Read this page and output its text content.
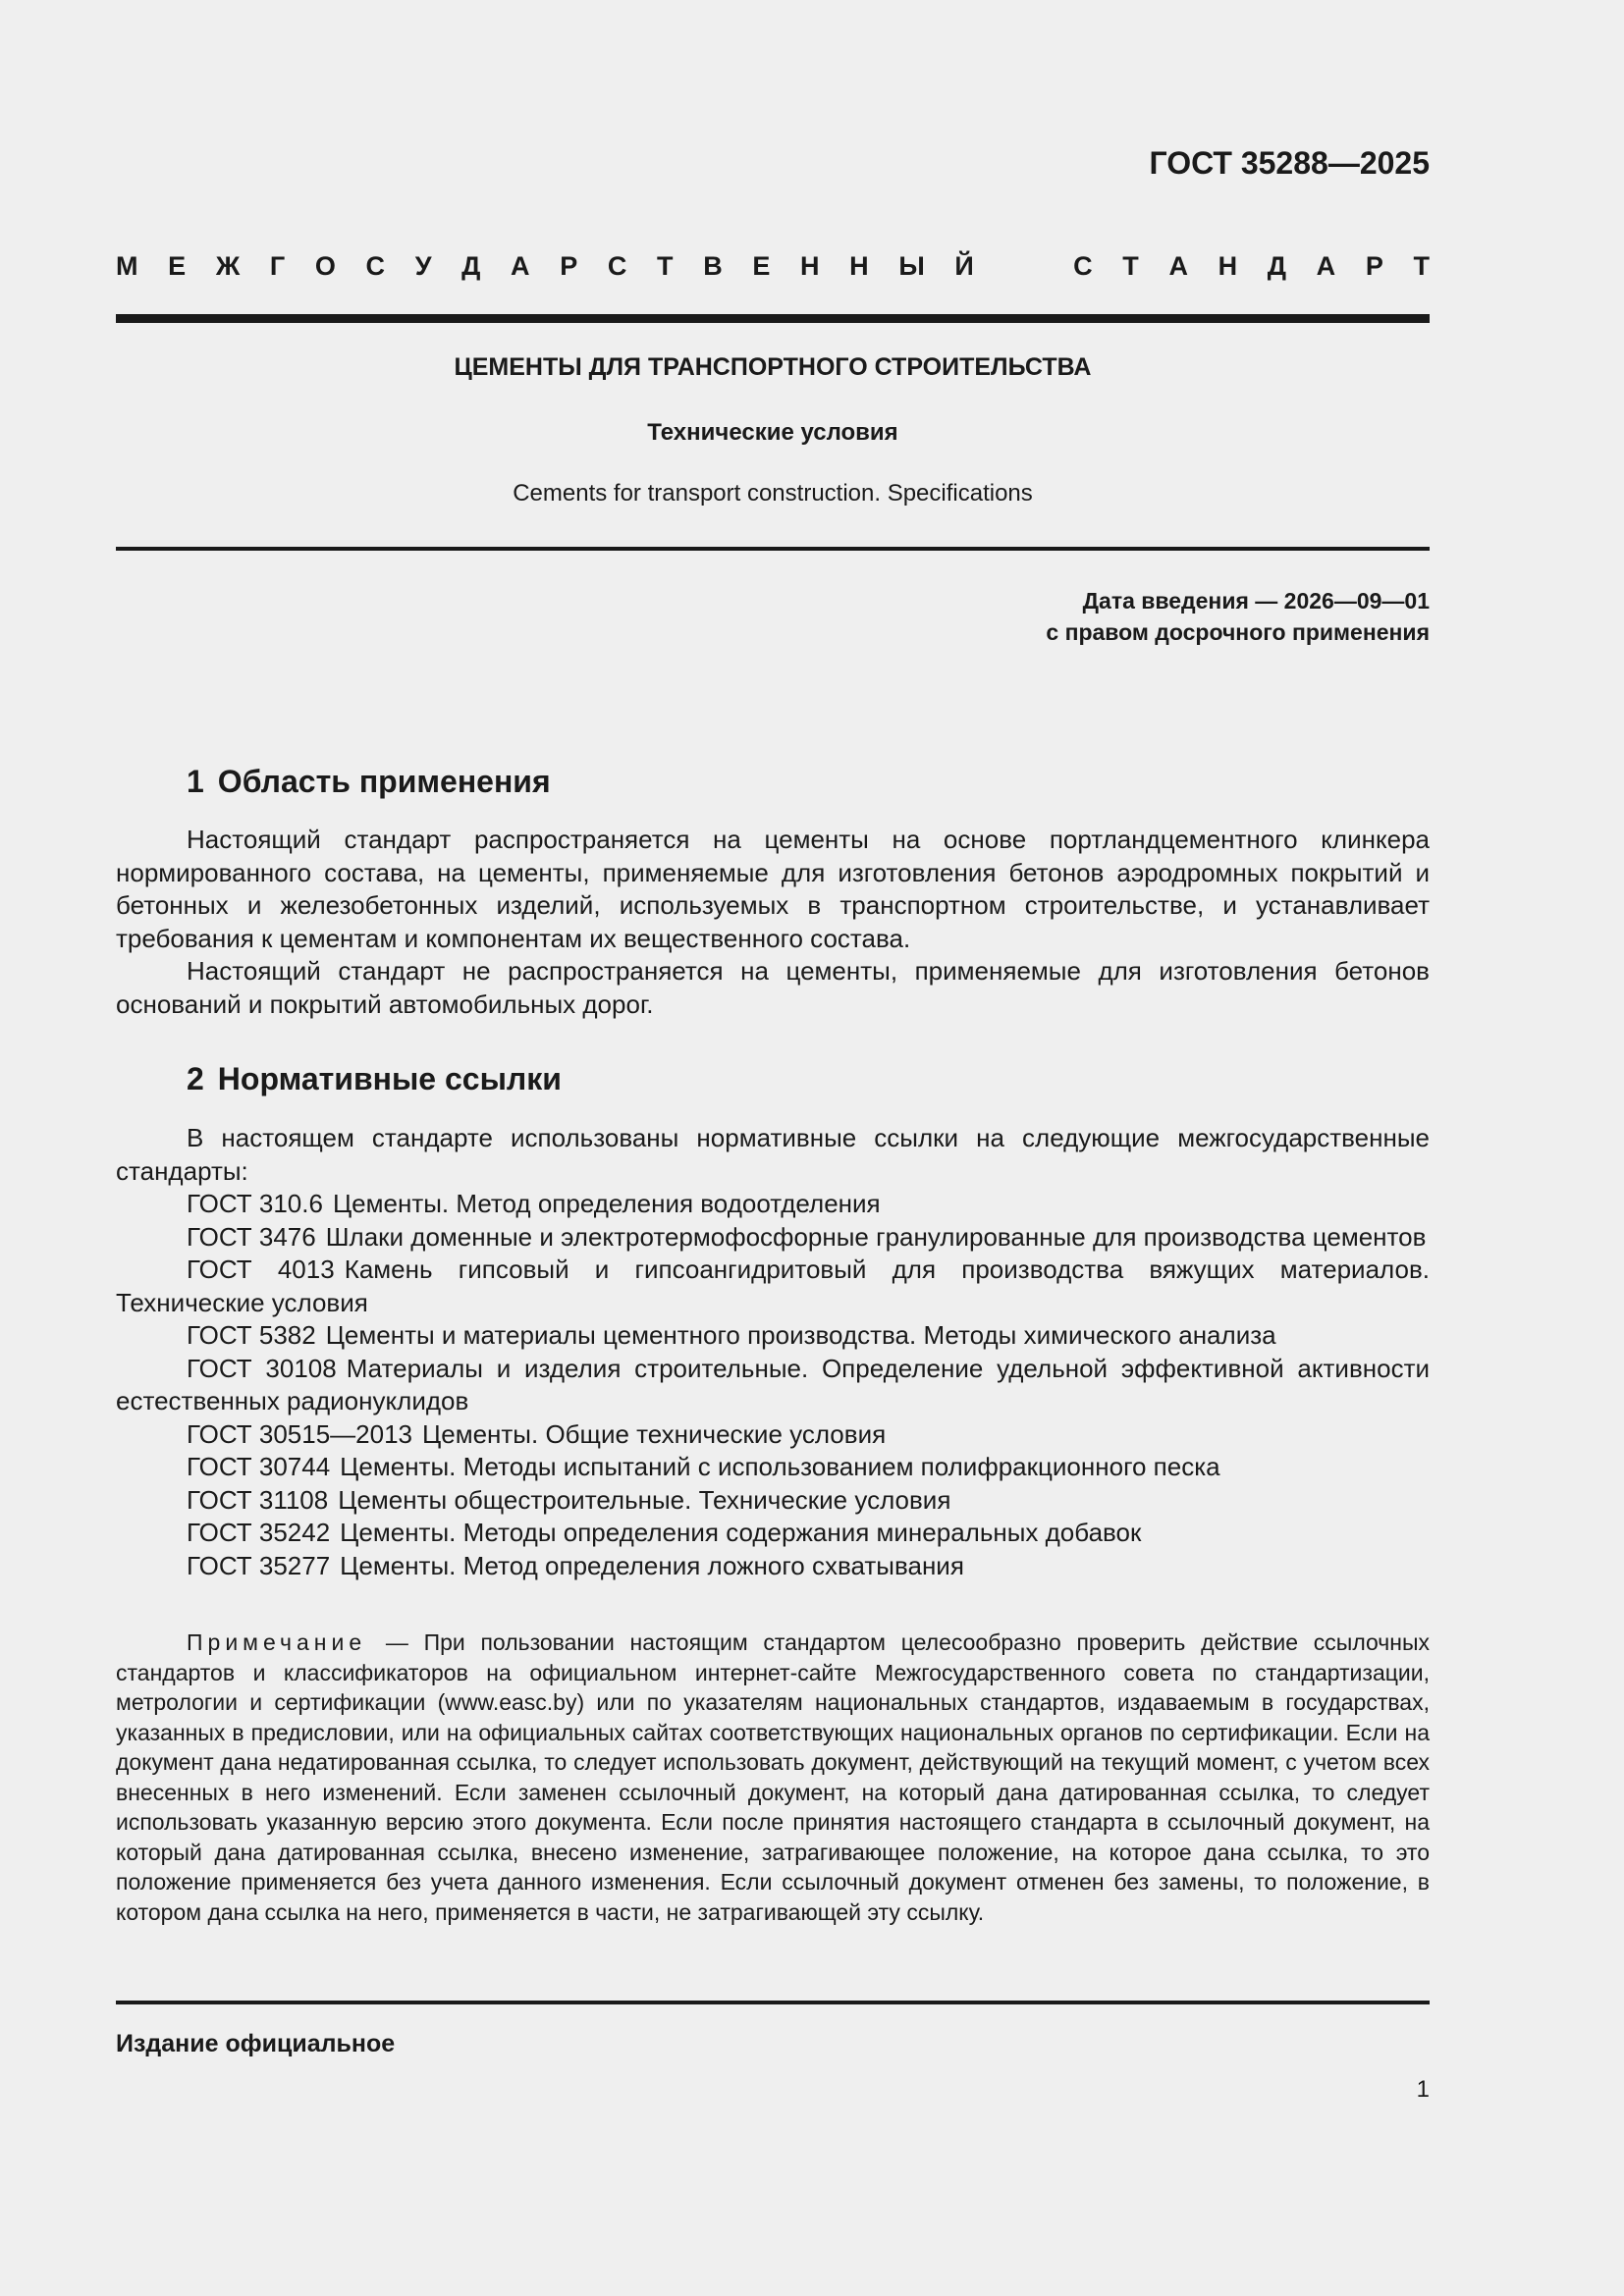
ГОСТ 35288—2025
М Е Ж Г О С У Д А Р С Т В Е Н Н Ы Й	С Т А Н Д А Р Т
ЦЕМЕНТЫ ДЛЯ ТРАНСПОРТНОГО СТРОИТЕЛЬСТВА
Технические условия
Cements for transport construction. Specifications
Дата введения — 2026—09—01
с правом досрочного применения
1 Область применения
Настоящий стандарт распространяется на цементы на основе портландцементного клинкера нормированного состава, на цементы, применяемые для изготовления бетонов аэродромных покрытий и бетонных и железобетонных изделий, используемых в транспортном строительстве, и устанавливает требования к цементам и компонентам их вещественного состава.
Настоящий стандарт не распространяется на цементы, применяемые для изготовления бетонов оснований и покрытий автомобильных дорог.
2 Нормативные ссылки
В настоящем стандарте использованы нормативные ссылки на следующие межгосударственные стандарты:
ГОСТ 310.6 Цементы. Метод определения водоотделения
ГОСТ 3476 Шлаки доменные и электротермофосфорные гранулированные для производства цементов
ГОСТ 4013 Камень гипсовый и гипсоангидритовый для производства вяжущих материалов. Технические условия
ГОСТ 5382 Цементы и материалы цементного производства. Методы химического анализа
ГОСТ 30108 Материалы и изделия строительные. Определение удельной эффективной активности естественных радионуклидов
ГОСТ 30515—2013 Цементы. Общие технические условия
ГОСТ 30744 Цементы. Методы испытаний с использованием полифракционного песка
ГОСТ 31108 Цементы общестроительные. Технические условия
ГОСТ 35242 Цементы. Методы определения содержания минеральных добавок
ГОСТ 35277 Цементы. Метод определения ложного схватывания
Примечание — При пользовании настоящим стандартом целесообразно проверить действие ссылочных стандартов и классификаторов на официальном интернет-сайте Межгосударственного совета по стандартизации, метрологии и сертификации (www.easc.by) или по указателям национальных стандартов, издаваемым в государствах, указанных в предисловии, или на официальных сайтах соответствующих национальных органов по сертификации. Если на документ дана недатированная ссылка, то следует использовать документ, действующий на текущий момент, с учетом всех внесенных в него изменений. Если заменен ссылочный документ, на который дана датированная ссылка, то следует использовать указанную версию этого документа. Если после принятия настоящего стандарта в ссылочный документ, на который дана датированная ссылка, внесено изменение, затрагивающее положение, на которое дана ссылка, то это положение применяется без учета данного изменения. Если ссылочный документ отменен без замены, то положение, в котором дана ссылка на него, применяется в части, не затрагивающей эту ссылку.
Издание официальное
1
